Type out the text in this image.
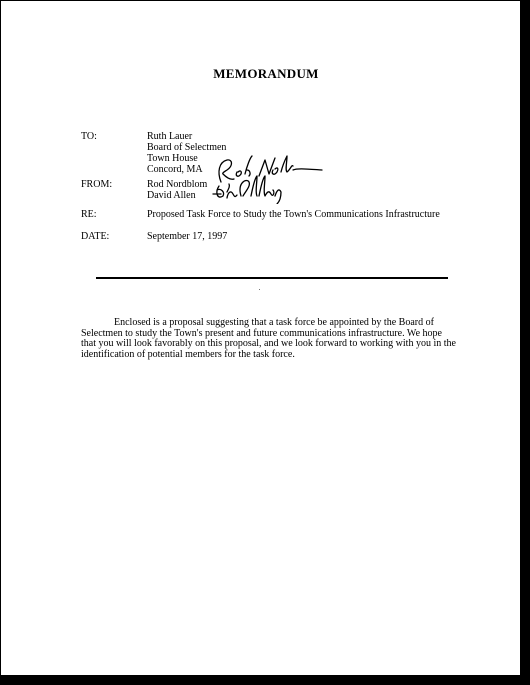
MEMORANDUM
TO:	Ruth Lauer
Board of Selectmen
Town House
Concord, MA
FROM:	Rod Nordblom
David Allen
RE:	Proposed Task Force to Study the Town's Communications Infrastructure
DATE:	September 17, 1997
Enclosed is a proposal suggesting that a task force be appointed by the Board of Selectmen to study the Town's present and future communications infrastructure. We hope that you will look favorably on this proposal, and we look forward to working with you in the identification of potential members for the task force.
